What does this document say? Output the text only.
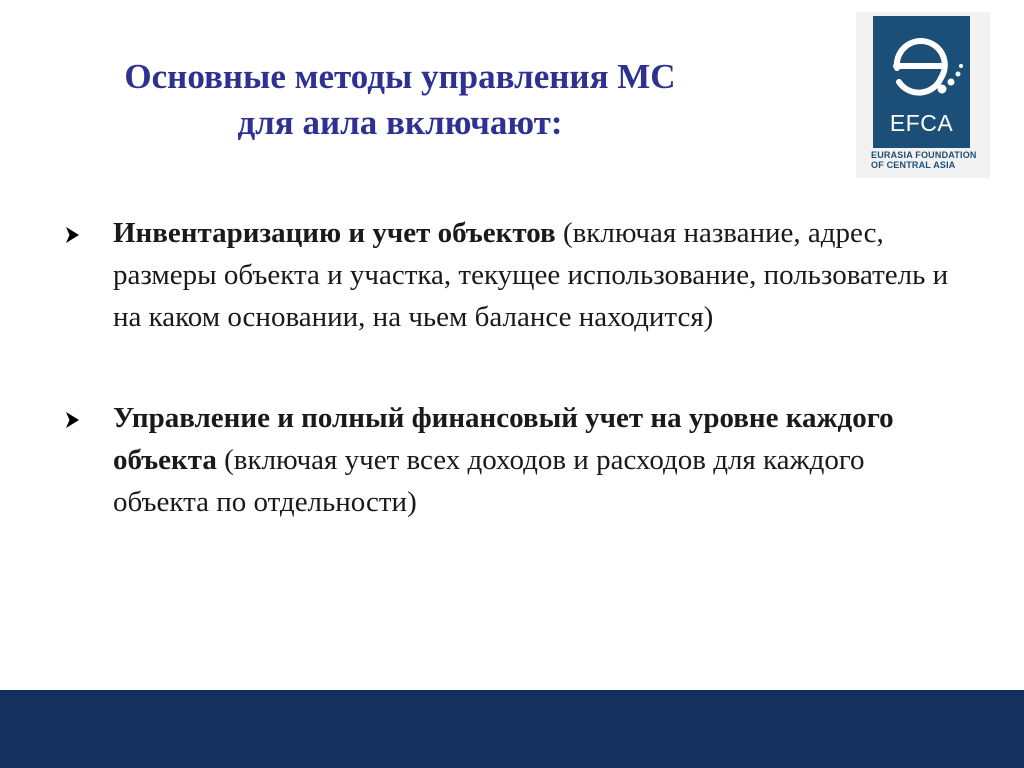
Основные методы управления МС
для аила включают:	EFCA
EURASIA FOUNDATION
OF CENTRAL ASIA
Инвентаризацию и учет объектов (включая название, адрес, размеры объекта и участка, текущее использование, пользователь и на каком основании, на чьем балансе находится)
Управление и полный финансовый учет на уровне каждого объекта (включая учет всех доходов и расходов для каждого объекта по отдельности)
